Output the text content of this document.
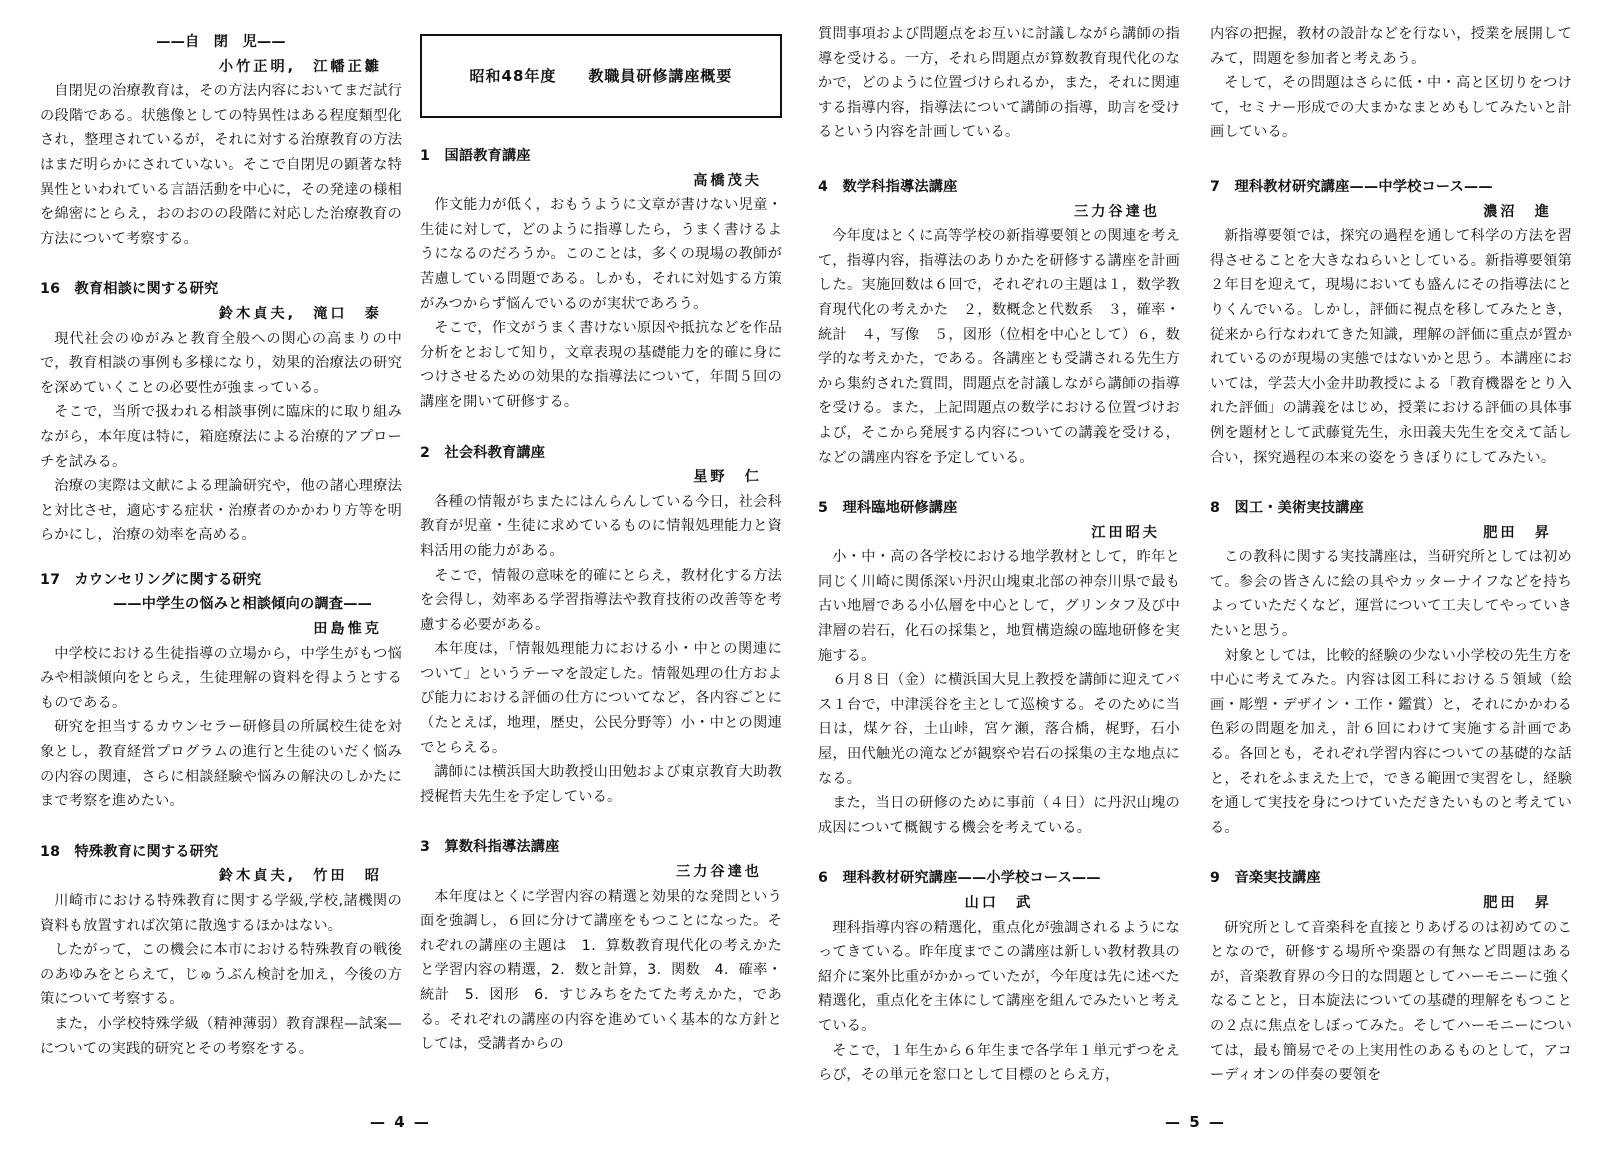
——自　閉　児——
小竹正明,　江幡正雛

自閉児の治療教育は，その方法内容においてまだ試行の段階である。状態像としての特異性はある程度類型化され，整理されているが，それに対する治療教育の方法はまだ明らかにされていない。そこで自閉児の顕著な特異性といわれている言語活動を中心に，その発達の様相を綿密にとらえ，おのおのの段階に対応した治療教育の方法について考察する。

16　教育相談に関する研究
鈴木貞夫,　滝口　泰

現代社会のゆがみと教育全般への関心の高まりの中で，教育相談の事例も多様になり，効果的治療法の研究を深めていくことの必要性が強まっている。

そこで，当所で扱われる相談事例に臨床的に取り組みながら，本年度は特に，箱庭療法による治療的アプローチを試みる。

治療の実際は文献による理論研究や，他の諸心理療法と対比させ，適応する症状・治療者のかかわり方等を明らかにし，治療の効率を高める。

17　カウンセリングに関する研究
——中学生の悩みと相談傾向の調査——
田島惟克

中学校における生徒指導の立場から，中学生がもつ悩みや相談傾向をとらえ，生徒理解の資料を得ようとするものである。

研究を担当するカウンセラー研修員の所属校生徒を対象とし，教育経営プログラムの進行と生徒のいだく悩みの内容の関連，さらに相談経験や悩みの解決のしかたにまで考察を進めたい。

18　特殊教育に関する研究
鈴木貞夫,　竹田　昭

川崎市における特殊教育に関する学級,学校,諸機関の資料も放置すれば次第に散逸するほかはない。

したがって，この機会に本市における特殊教育の戦後のあゆみをとらえて，じゅうぶん検討を加え，今後の方策について考察する。

また，小学校特殊学級（精神薄弱）教育課程—試案—についての実践的研究とその考察をする。

昭和48年度　　教職員研修講座概要
1　国語教育講座
高橋茂夫

作文能力が低く，おもうように文章が書けない児童・生徒に対して，どのように指導したら，うまく書けるようになるのだろうか。このことは，多くの現場の教師が苦慮している問題である。しかも，それに対処する方策がみつからず悩んでいるのが実状であろう。

そこで，作文がうまく書けない原因や抵抗などを作品分析をとおして知り，文章表現の基礎能力を的確に身につけさせるための効果的な指導法について，年間５回の講座を開いて研修する。

2　社会科教育講座
星野　仁

各種の情報がちまたにはんらんしている今日，社会科教育が児童・生徒に求めているものに情報処理能力と資料活用の能力がある。

そこで，情報の意味を的確にとらえ，教材化する方法を会得し，効率ある学習指導法や教育技術の改善等を考慮する必要がある。

本年度は，「情報処理能力における小・中との関連について」というテーマを設定した。情報処理の仕方および能力における評価の仕方についてなど，各内容ごとに（たとえば，地理，歴史，公民分野等）小・中との関連でとらえる。

講師には横浜国大助教授山田勉および東京教育大助教授梶哲夫先生を予定している。

3　算数科指導法講座
三力谷達也

本年度はとくに学習内容の精選と効果的な発問という面を強調し，６回に分けて講座をもつことになった。それぞれの講座の主題は　1．算数教育現代化の考えかたと学習内容の精選，2．数と計算，3．関数　4．確率・統計　5．図形　6．すじみちをたてた考えかた，である。それぞれの講座の内容を進めていく基本的な方針としては，受講者からの

質問事項および問題点をお互いに討議しながら講師の指導を受ける。一方，それら問題点が算数教育現代化のなかで，どのように位置づけられるか，また，それに関連する指導内容，指導法について講師の指導，助言を受けるという内容を計画している。

4　数学科指導法講座
三力谷達也

今年度はとくに高等学校の新指導要領との関連を考えて，指導内容，指導法のありかたを研修する講座を計画した。実施回数は６回で，それぞれの主題は１，数学教育現代化の考えかた　２，数概念と代数系　３，確率・統計　４，写像　５，図形（位相を中心として）６，数学的な考えかた，である。各講座とも受講される先生方から集約された質問，問題点を討議しながら講師の指導を受ける。また，上記問題点の数学における位置づけおよび，そこから発展する内容についての講義を受ける，などの講座内容を予定している。

5　理科臨地研修講座
江田昭夫

小・中・高の各学校における地学教材として，昨年と同じく川崎に関係深い丹沢山塊東北部の神奈川県で最も古い地層である小仏層を中心として，グリンタフ及び中津層の岩石，化石の採集と，地質構造線の臨地研修を実施する。

６月８日（金）に横浜国大見上教授を講師に迎えてバス１台で，中津渓谷を主として巡検する。そのために当日は，煤ケ谷，土山峠，宮ケ瀬，落合橋，梶野，石小屋，田代触光の滝などが観察や岩石の採集の主な地点になる。

また，当日の研修のために事前（４日）に丹沢山塊の成因について概観する機会を考えている。

6　理科教材研究講座——小学校コース——
山口　武

理科指導内容の精選化，重点化が強調されるようになってきている。昨年度までこの講座は新しい教材教具の紹介に案外比重がかかっていたが，今年度は先に述べた精選化，重点化を主体にして講座を組んでみたいと考えている。

そこで，１年生から６年生まで各学年１単元ずつをえらび，その単元を窓口として目標のとらえ方，

内容の把握，教材の設計などを行ない，授業を展開してみて，問題を参加者と考えあう。

そして，その問題はさらに低・中・高と区切りをつけて，セミナー形成での大まかなまとめもしてみたいと計画している。

7　理科教材研究講座——中学校コース——
濃沼　進

新指導要領では，探究の過程を通して科学の方法を習得させることを大きなねらいとしている。新指導要領第２年目を迎えて，現場においても盛んにその指導法にとりくんでいる。しかし，評価に視点を移してみたとき，従来から行なわれてきた知識，理解の評価に重点が置かれているのが現場の実態ではないかと思う。本講座においては，学芸大小金井助教授による「教育機器をとり入れた評価」の講義をはじめ，授業における評価の具体事例を題材として武藤覚先生，永田義夫先生を交えて話し合い，探究過程の本来の姿をうきぼりにしてみたい。

8　図工・美術実技講座
肥田　昇

この教科に関する実技講座は，当研究所としては初めて。参会の皆さんに絵の具やカッターナイフなどを持ちよっていただくなど，運営について工夫してやっていきたいと思う。

対象としては，比較的経験の少ない小学校の先生方を中心に考えてみた。内容は図工科における５領域（絵画・彫塑・デザイン・工作・鑑賞）と，それにかかわる色彩の問題を加え，計６回にわけて実施する計画である。各回とも，それぞれ学習内容についての基礎的な話と，それをふまえた上で，できる範囲で実習をし，経験を通して実技を身につけていただきたいものと考えている。

9　音楽実技講座
肥田　昇

研究所として音楽科を直接とりあげるのは初めてのことなので，研修する場所や楽器の有無など問題はあるが，音楽教育界の今日的な問題としてハーモニーに強くなることと，日本旋法についての基礎的理解をもつことの２点に焦点をしぼってみた。そしてハーモニーについては，最も簡易でその上実用性のあるものとして，アコーディオンの伴奏の要領を

— 4 —	— 5 —
